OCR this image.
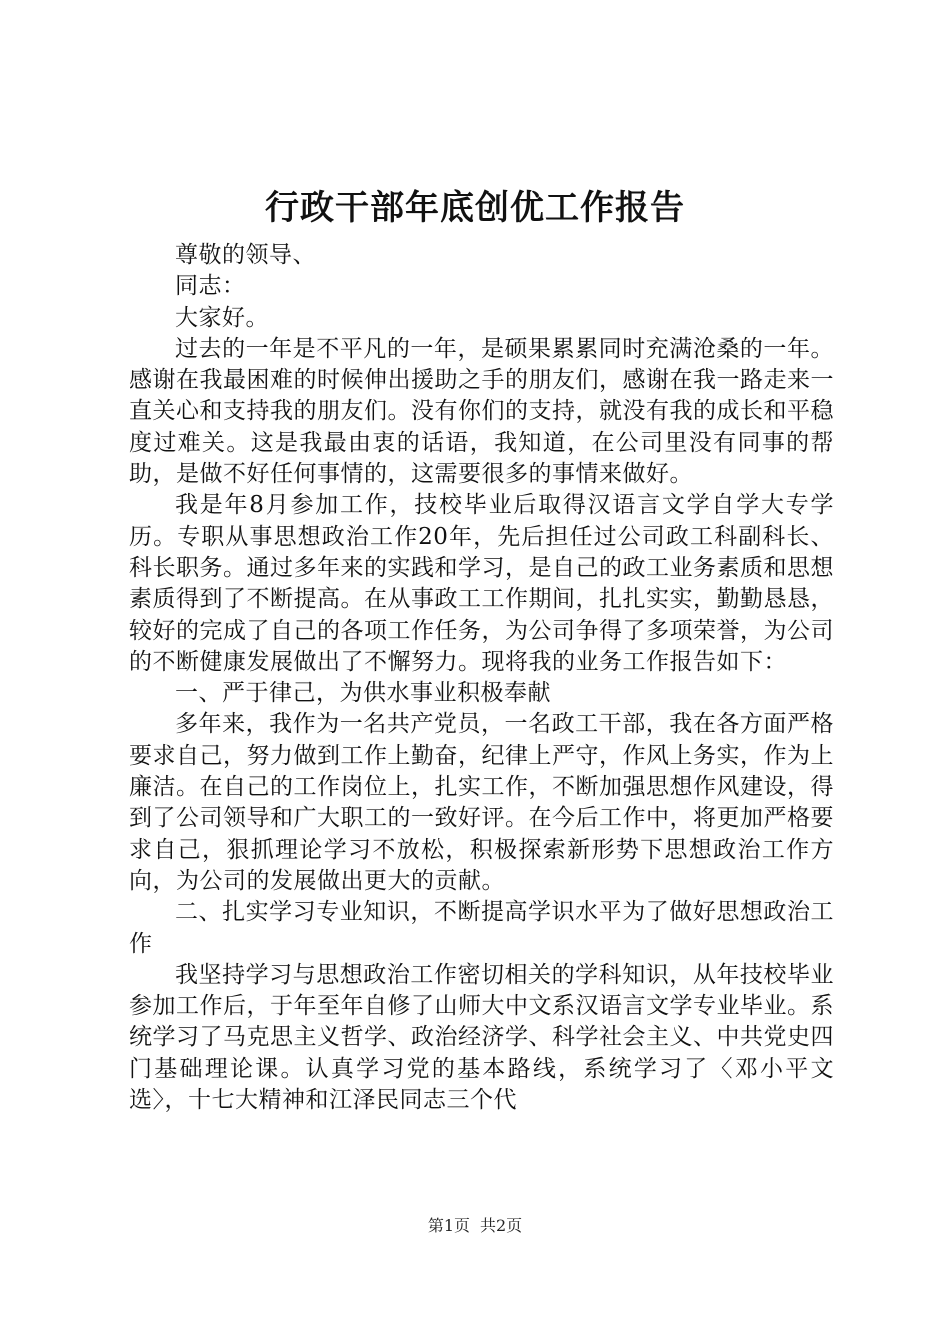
行政干部年底创优工作报告

尊敬的领导、

同志：

大家好。

过去的一年是不平凡的一年，是硕果累累同时充满沧桑的一年。感谢在我最困难的时候伸出援助之手的朋友们，感谢在我一路走来一直关心和支持我的朋友们。没有你们的支持，就没有我的成长和平稳度过难关。这是我最由衷的话语，我知道，在公司里没有同事的帮助，是做不好任何事情的，这需要很多的事情来做好。

我是年8月参加工作，技校毕业后取得汉语言文学自学大专学历。专职从事思想政治工作20年，先后担任过公司政工科副科长、科长职务。通过多年来的实践和学习，是自己的政工业务素质和思想素质得到了不断提高。在从事政工工作期间，扎扎实实，勤勤恳恳，较好的完成了自己的各项工作任务，为公司争得了多项荣誉，为公司的不断健康发展做出了不懈努力。现将我的业务工作报告如下：

一、严于律己，为供水事业积极奉献

多年来，我作为一名共产党员，一名政工干部，我在各方面严格要求自己，努力做到工作上勤奋，纪律上严守，作风上务实，作为上廉洁。在自己的工作岗位上，扎实工作，不断加强思想作风建设，得到了公司领导和广大职工的一致好评。在今后工作中，将更加严格要求自己，狠抓理论学习不放松，积极探索新形势下思想政治工作方向，为公司的发展做出更大的贡献。

二、扎实学习专业知识，不断提高学识水平为了做好思想政治工作

我坚持学习与思想政治工作密切相关的学科知识，从年技校毕业参加工作后，于年至年自修了山师大中文系汉语言文学专业毕业。系统学习了马克思主义哲学、政治经济学、科学社会主义、中共党史四门基础理论课。认真学习党的基本路线，系统学习了〈邓小平文选〉，十七大精神和江泽民同志三个代

第1页 共2页
